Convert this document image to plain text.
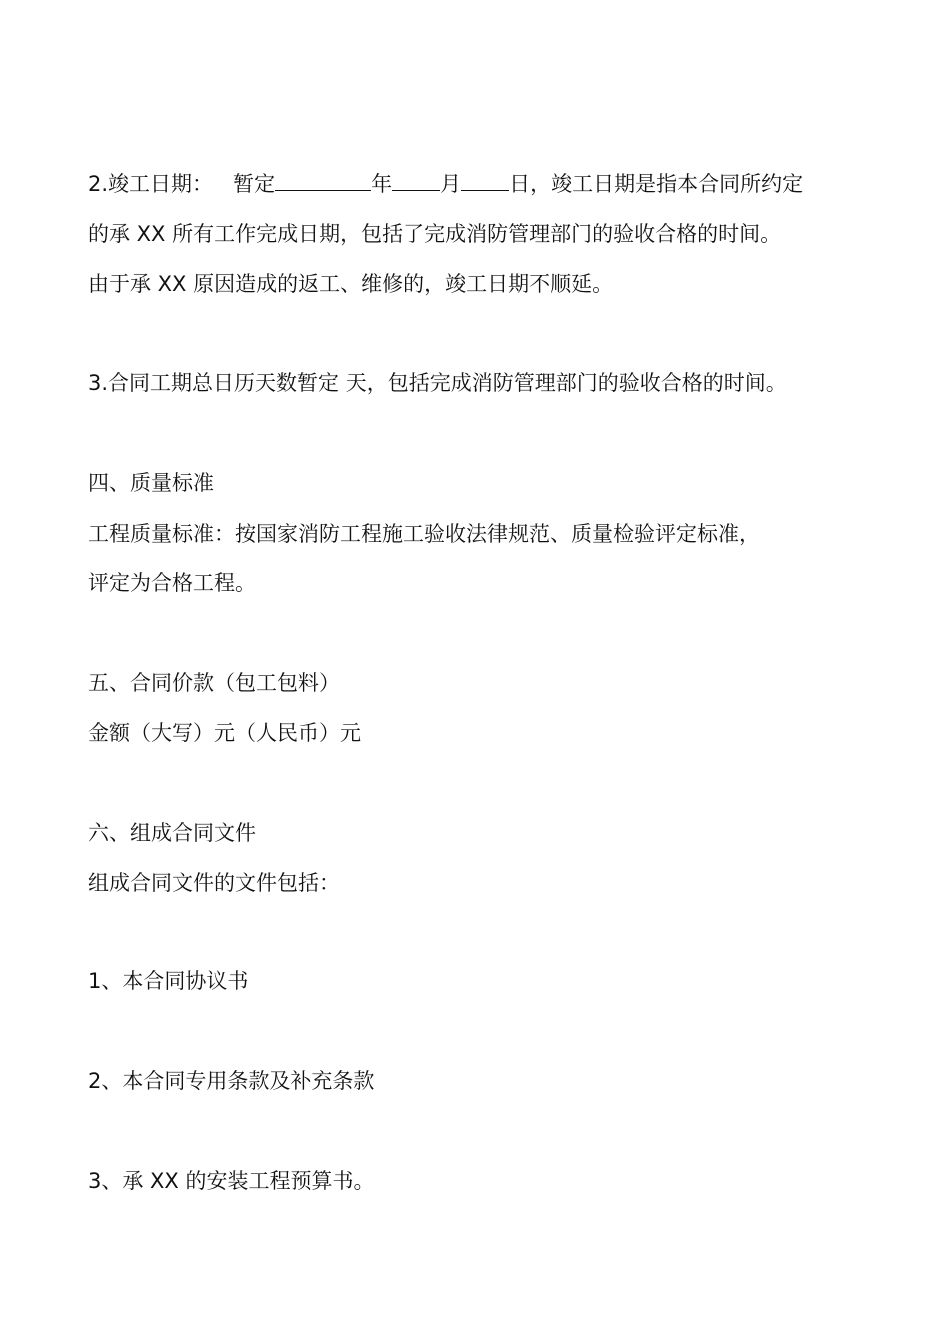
2.竣工日期： 暂定	年 月 日，竣工日期是指本合同所约定

的承 XX 所有工作完成日期，包括了完成消防管理部门的验收合格的时间。

由于承 XX 原因造成的返工、维修的，竣工日期不顺延。

3.合同工期总日历天数暂定 天，包括完成消防管理部门的验收合格的时间。

四、质量标准

工程质量标准：按国家消防工程施工验收法律规范、质量检验评定标准，

评定为合格工程。

五、合同价款（包工包料）

金额（大写）元（人民币）元

六、组成合同文件

组成合同文件的文件包括：

1、本合同协议书

2、本合同专用条款及补充条款

3、承 XX 的安装工程预算书。
